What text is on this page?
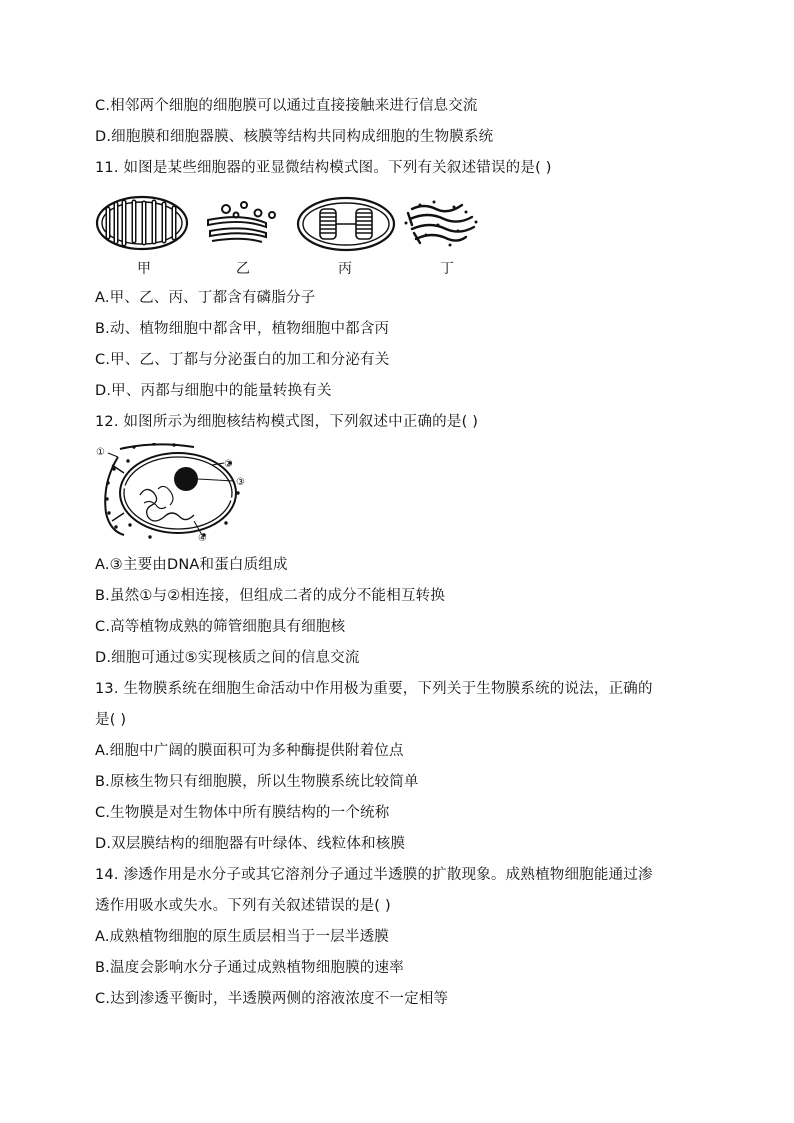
C.相邻两个细胞的细胞膜可以通过直接接触来进行信息交流
D.细胞膜和细胞器膜、核膜等结构共同构成细胞的生物膜系统
11. 如图是某些细胞器的亚显微结构模式图。下列有关叙述错误的是( )
甲	乙	丙	丁
A.甲、乙、丙、丁都含有磷脂分子
B.动、植物细胞中都含甲，植物细胞中都含丙
C.甲、乙、丁都与分泌蛋白的加工和分泌有关
D.甲、丙都与细胞中的能量转换有关
12. 如图所示为细胞核结构模式图，下列叙述中正确的是( )
①
②
③
④
A.③主要由DNA和蛋白质组成
B.虽然①与②相连接，但组成二者的成分不能相互转换
C.高等植物成熟的筛管细胞具有细胞核
D.细胞可通过⑤实现核质之间的信息交流
13. 生物膜系统在细胞生命活动中作用极为重要，下列关于生物膜系统的说法，正确的
是( )
A.细胞中广阔的膜面积可为多种酶提供附着位点
B.原核生物只有细胞膜，所以生物膜系统比较简单
C.生物膜是对生物体中所有膜结构的一个统称
D.双层膜结构的细胞器有叶绿体、线粒体和核膜
14. 渗透作用是水分子或其它溶剂分子通过半透膜的扩散现象。成熟植物细胞能通过渗
透作用吸水或失水。下列有关叙述错误的是( )
A.成熟植物细胞的原生质层相当于一层半透膜
B.温度会影响水分子通过成熟植物细胞膜的速率
C.达到渗透平衡时，半透膜两侧的溶液浓度不一定相等
